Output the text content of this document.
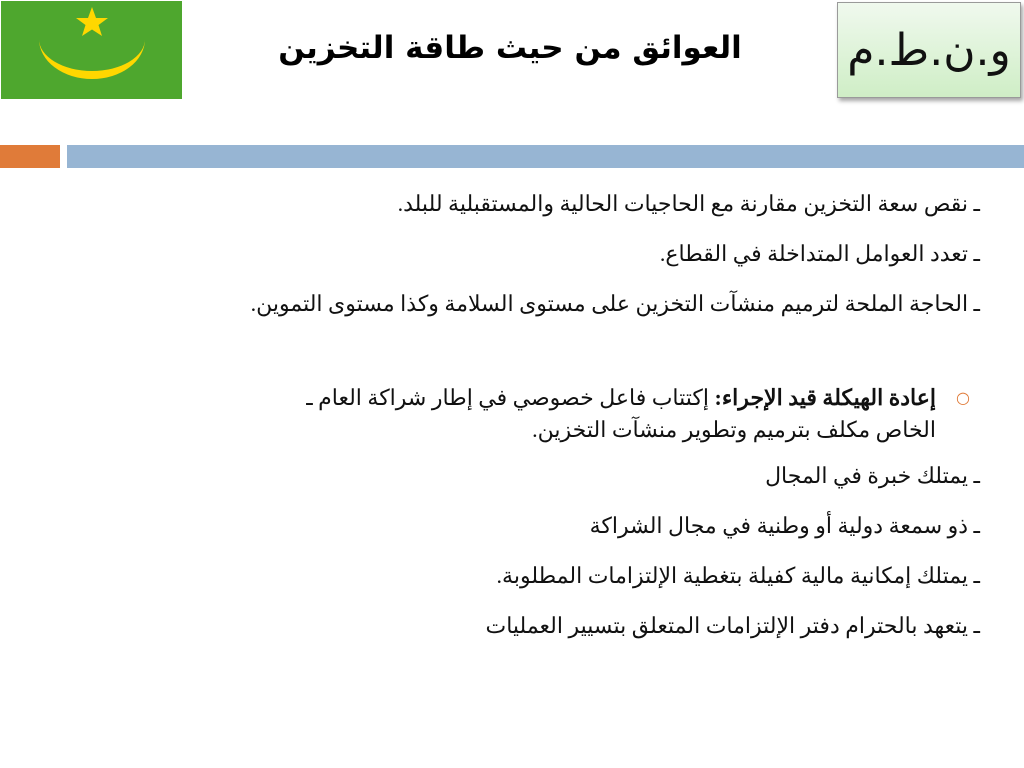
العوائق من حيث طاقة التخزين	و.ن.ط.م
ـ نقص سعة التخزين مقارنة مع الحاجيات الحالية والمستقبلية للبلد.
ـ تعدد العوامل المتداخلة في القطاع.
ـ الحاجة الملحة لترميم منشآت التخزين على مستوى السلامة وكذا مستوى التموين.
○
إعادة الهيكلة قيد الإجراء: إكتتاب فاعل خصوصي في إطار شراكة العام ـ
الخاص مكلف بترميم وتطوير منشآت التخزين.
ـ يمتلك خبرة في المجال
ـ ذو سمعة دولية أو وطنية في مجال الشراكة
ـ يمتلك إمكانية مالية كفيلة بتغطية الإلتزامات المطلوبة.
ـ يتعهد بالحترام دفتر الإلتزامات المتعلق بتسيير العمليات
